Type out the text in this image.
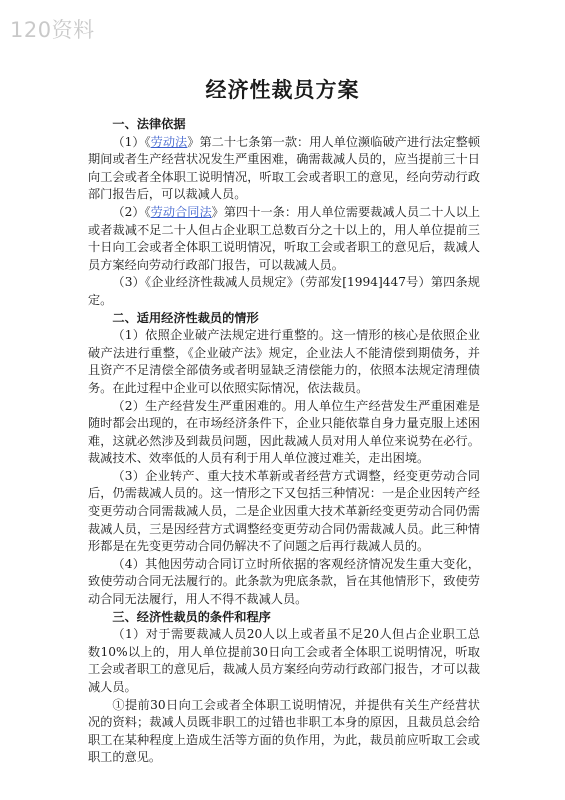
120资料
经济性裁员方案
一、法律依据

（1）《劳动法》第二十七条第一款：用人单位濒临破产进行法定整顿期间或者生产经营状况发生严重困难，确需裁减人员的，应当提前三十日向工会或者全体职工说明情况，听取工会或者职工的意见，经向劳动行政部门报告后，可以裁减人员。

（2）《劳动合同法》第四十一条：用人单位需要裁减人员二十人以上或者裁减不足二十人但占企业职工总数百分之十以上的，用人单位提前三十日向工会或者全体职工说明情况，听取工会或者职工的意见后，裁减人员方案经向劳动行政部门报告，可以裁减人员。

（3）《企业经济性裁减人员规定》（劳部发[1994]447号）第四条规定。

二、适用经济性裁员的情形

（1）依照企业破产法规定进行重整的。这一情形的核心是依照企业破产法进行重整，《企业破产法》规定，企业法人不能清偿到期债务，并且资产不足清偿全部债务或者明显缺乏清偿能力的，依照本法规定清理债务。在此过程中企业可以依照实际情况，依法裁员。

（2）生产经营发生严重困难的。用人单位生产经营发生严重困难是随时都会出现的，在市场经济条件下，企业只能依靠自身力量克服上述困难，这就必然涉及到裁员问题，因此裁减人员对用人单位来说势在必行。裁减技术、效率低的人员有利于用人单位渡过难关，走出困境。

（3）企业转产、重大技术革新或者经营方式调整，经变更劳动合同后，仍需裁减人员的。这一情形之下又包括三种情况：一是企业因转产经变更劳动合同需裁减人员，二是企业因重大技术革新经变更劳动合同仍需裁减人员，三是因经营方式调整经变更劳动合同仍需裁减人员。此三种情形都是在先变更劳动合同仍解决不了问题之后再行裁减人员的。

（4）其他因劳动合同订立时所依据的客观经济情况发生重大变化，致使劳动合同无法履行的。此条款为兜底条款，旨在其他情形下，致使劳动合同无法履行，用人不得不裁减人员。

三、经济性裁员的条件和程序

（1）对于需要裁减人员20人以上或者虽不足20人但占企业职工总数10%以上的，用人单位提前30日向工会或者全体职工说明情况，听取工会或者职工的意见后，裁减人员方案经向劳动行政部门报告，才可以裁减人员。

①提前30日向工会或者全体职工说明情况，并提供有关生产经营状况的资料；裁减人员既非职工的过错也非职工本身的原因，且裁员总会给职工在某种程度上造成生活等方面的负作用，为此，裁员前应听取工会或职工的意见。
